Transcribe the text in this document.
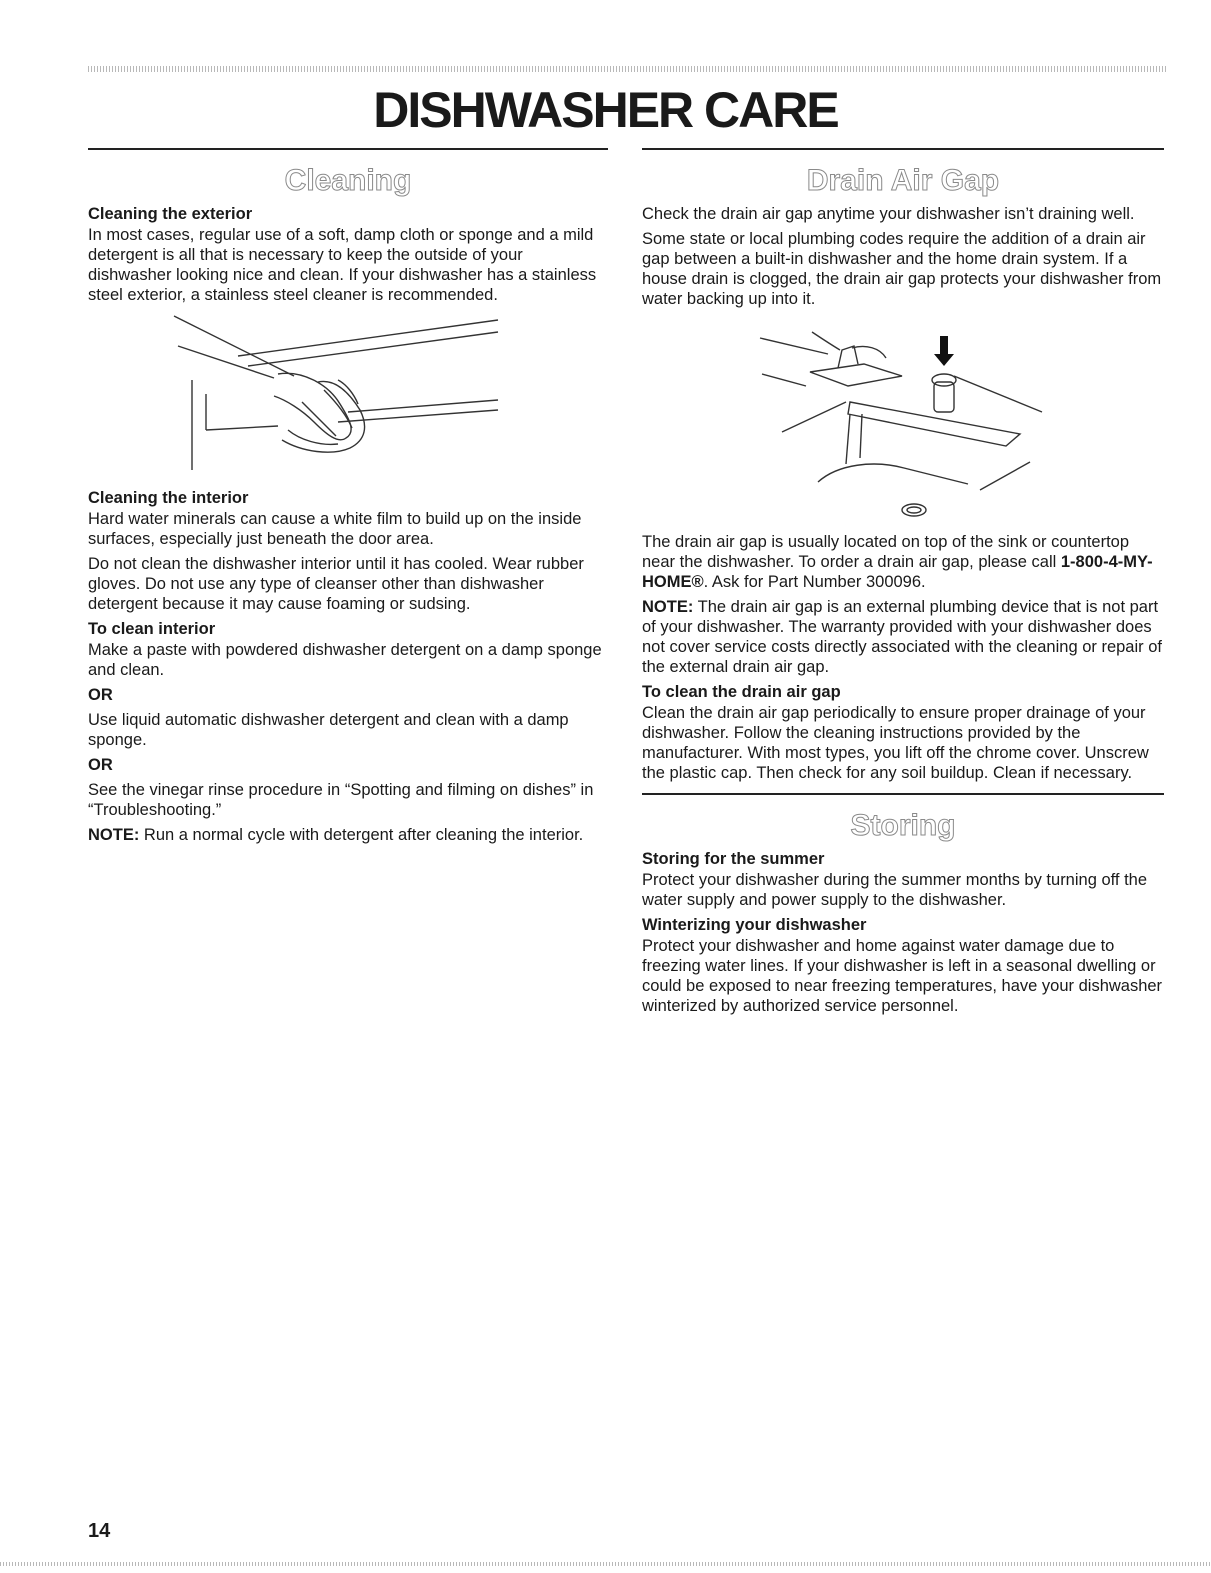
DISHWASHER CARE
Cleaning
Cleaning the exterior

In most cases, regular use of a soft, damp cloth or sponge and a mild detergent is all that is necessary to keep the outside of your dishwasher looking nice and clean. If your dishwasher has a stainless steel exterior, a stainless steel cleaner is recommended.

Cleaning the interior

Hard water minerals can cause a white film to build up on the inside surfaces, especially just beneath the door area.

Do not clean the dishwasher interior until it has cooled. Wear rubber gloves. Do not use any type of cleanser other than dishwasher detergent because it may cause foaming or sudsing.

To clean interior

Make a paste with powdered dishwasher detergent on a damp sponge and clean.

OR

Use liquid automatic dishwasher detergent and clean with a damp sponge.

OR

See the vinegar rinse procedure in “Spotting and filming on dishes” in “Troubleshooting.”

NOTE: Run a normal cycle with detergent after cleaning the interior.

Drain Air Gap

Check the drain air gap anytime your dishwasher isn’t draining well.

Some state or local plumbing codes require the addition of a drain air gap between a built-in dishwasher and the home drain system. If a house drain is clogged, the drain air gap protects your dishwasher from water backing up into it.

The drain air gap is usually located on top of the sink or countertop near the dishwasher. To order a drain air gap, please call 1-800-4-MY-HOME®. Ask for Part Number 300096.

NOTE: The drain air gap is an external plumbing device that is not part of your dishwasher. The warranty provided with your dishwasher does not cover service costs directly associated with the cleaning or repair of the external drain air gap.

To clean the drain air gap

Clean the drain air gap periodically to ensure proper drainage of your dishwasher. Follow the cleaning instructions provided by the manufacturer. With most types, you lift off the chrome cover. Unscrew the plastic cap. Then check for any soil buildup. Clean if necessary.

Storing
Storing for the summer

Protect your dishwasher during the summer months by turning off the water supply and power supply to the dishwasher.

Winterizing your dishwasher

Protect your dishwasher and home against water damage due to freezing water lines. If your dishwasher is left in a seasonal dwelling or could be exposed to near freezing temperatures, have your dishwasher winterized by authorized service personnel.

14
